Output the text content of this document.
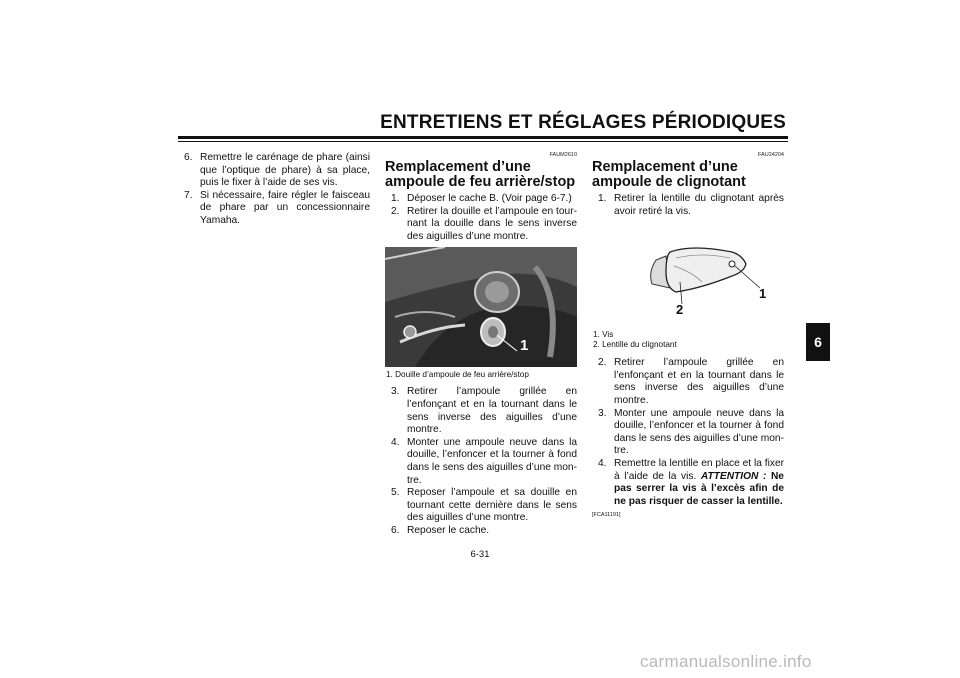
ENTRETIENS ET RÉGLAGES PÉRIODIQUES
6. Remettre le carénage de phare (ainsi que l’optique de phare) à sa place, puis le fixer à l’aide de ses vis.
7. Si nécessaire, faire régler le faisceau de phare par un concessionnaire Yamaha.
FAUM2610
Remplacement d’une ampoule de feu arrière/stop
1. Déposer le cache B. (Voir page 6-7.)
2. Retirer la douille et l’ampoule en tour-nant la douille dans le sens inverse des aiguilles d’une montre.
1
1. Douille d’ampoule de feu arrière/stop
3. Retirer l’ampoule grillée en l’enfonçant et en la tournant dans le sens inverse des aiguilles d’une montre.
4. Monter une ampoule neuve dans la douille, l’enfoncer et la tourner à fond dans le sens des aiguilles d’une mon-tre.
5. Reposer l’ampoule et sa douille en tournant cette dernière dans le sens des aiguilles d’une montre.
6. Reposer le cache.
FAU24204
Remplacement d’une ampoule de clignotant
1. Retirer la lentille du clignotant après avoir retiré la vis.
1
2
1. Vis
2. Lentille du clignotant
2. Retirer l’ampoule grillée en l’enfonçant et en la tournant dans le sens inverse des aiguilles d’une montre.
3. Monter une ampoule neuve dans la douille, l’enfoncer et la tourner à fond dans le sens des aiguilles d’une mon-tre.
4. Remettre la lentille en place et la fixer à l’aide de la vis. ATTENTION : Ne pas serrer la vis à l’excès afin de ne pas risquer de casser la lentille.
[FCA11191]
6
6-31
carmanualsonline.info
